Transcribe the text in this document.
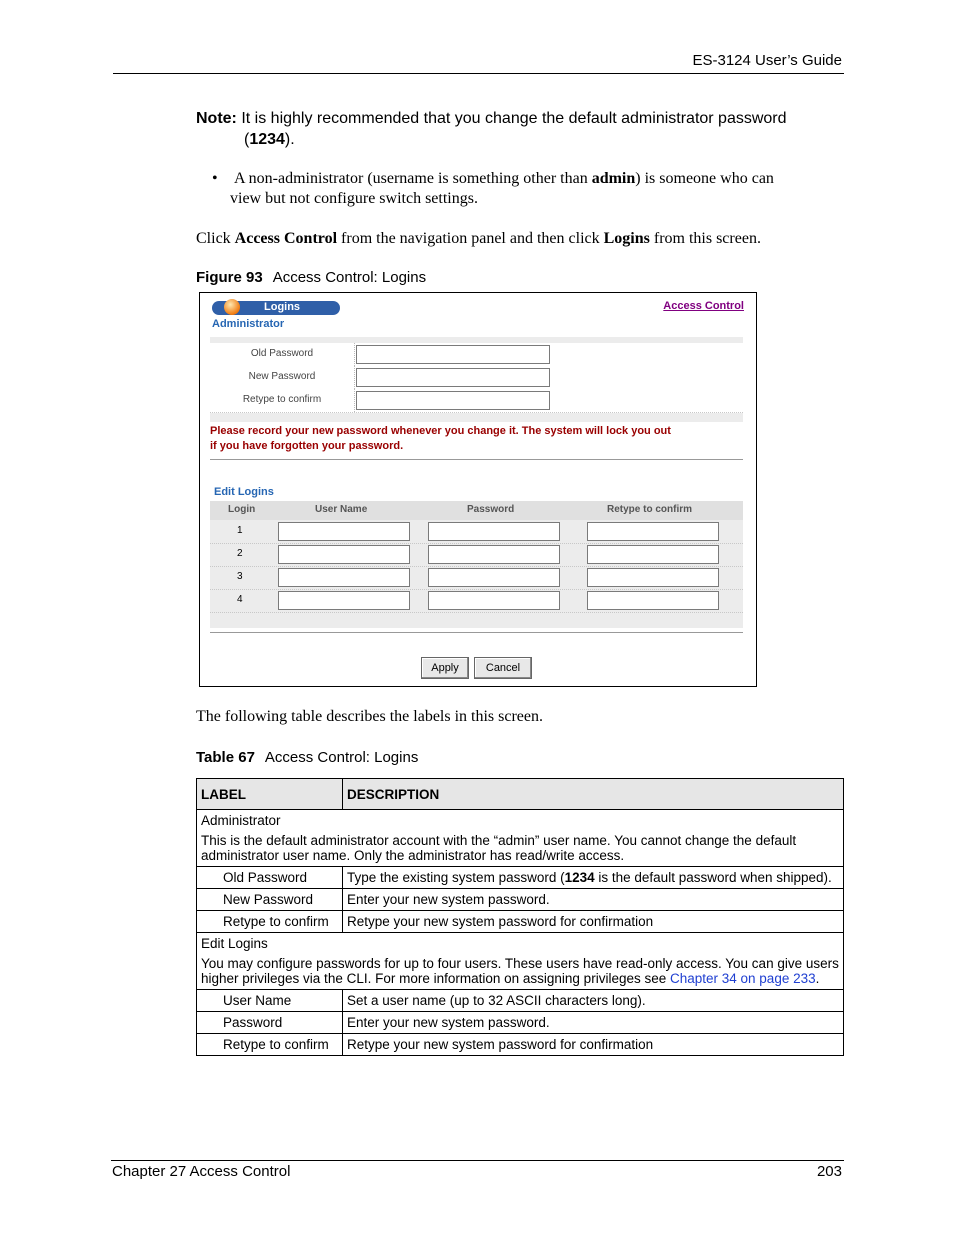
ES-3124 User’s Guide
Note: It is highly recommended that you change the default administrator password
(1234).
•	A non-administrator (username is something other than admin) is someone who can
view but not configure switch settings.
Click Access Control from the navigation panel and then click Logins from this screen.
Figure 93 Access Control: Logins
Logins	Access Control
Administrator
Old Password
New Password
Retype to confirm
Please record your new password whenever you change it. The system will lock you out
if you have forgotten your password.
Edit Logins
Login	User Name	Password	Retype to confirm
1
2
3
4
Apply	Cancel
The following table describes the labels in this screen.
Table 67 Access Control: Logins
LABEL	DESCRIPTION

Administrator
This is the default administrator account with the “admin” user name. You cannot change the default administrator user name. Only the administrator has read/write access.	

Old Password	Type the existing system password (1234 is the default password when shipped).
New Password	Enter your new system password.
Retype to confirm	Retype your new system password for confirmation

Edit Logins
You may configure passwords for up to four users. These users have read-only access. You can give users higher privileges via the CLI. For more information on assigning privileges see Chapter 34 on page 233.	

User Name	Set a user name (up to 32 ASCII characters long).
Password	Enter your new system password.
Retype to confirm	Retype your new system password for confirmation
Chapter 27 Access Control	203
